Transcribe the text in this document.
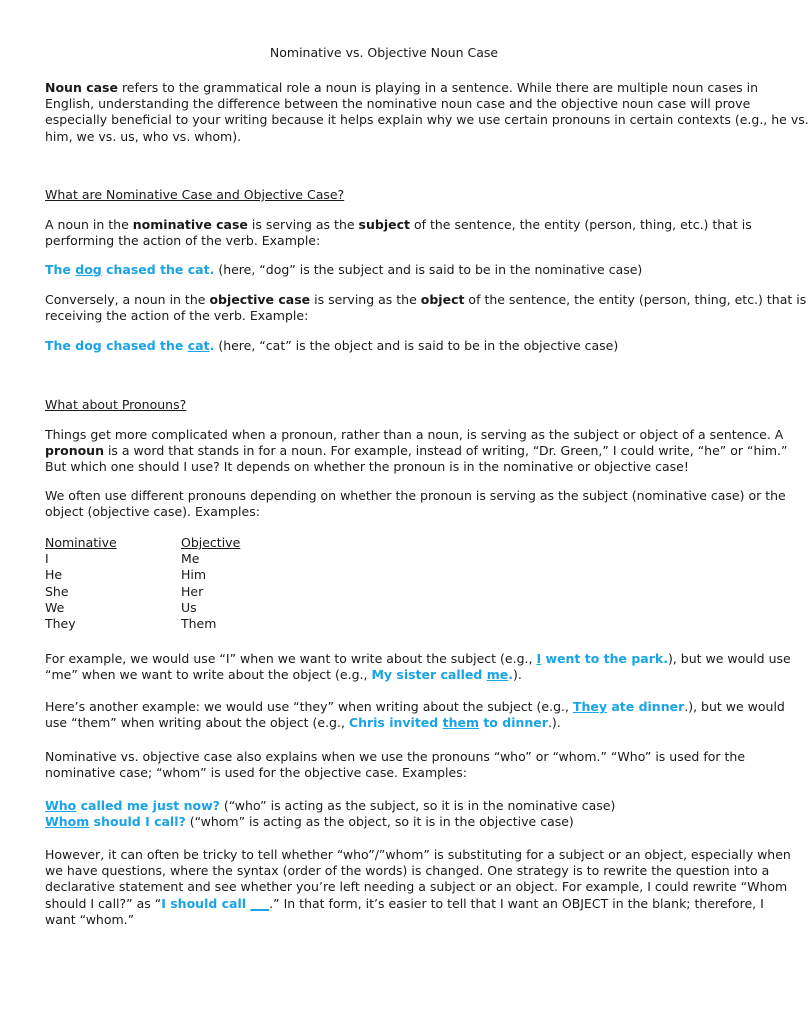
Nominative vs. Objective Noun Case
Noun case refers to the grammatical role a noun is playing in a sentence. While there are multiple noun cases in
English, understanding the difference between the nominative noun case and the objective noun case will prove
especially beneficial to your writing because it helps explain why we use certain pronouns in certain contexts (e.g., he vs.
him, we vs. us, who vs. whom).
What are Nominative Case and Objective Case?
A noun in the nominative case is serving as the subject of the sentence, the entity (person, thing, etc.) that is
performing the action of the verb. Example:
The dog chased the cat. (here, “dog” is the subject and is said to be in the nominative case)
Conversely, a noun in the objective case is serving as the object of the sentence, the entity (person, thing, etc.) that is
receiving the action of the verb. Example:
The dog chased the cat. (here, “cat” is the object and is said to be in the objective case)
What about Pronouns?
Things get more complicated when a pronoun, rather than a noun, is serving as the subject or object of a sentence. A
pronoun is a word that stands in for a noun. For example, instead of writing, “Dr. Green,” I could write, “he” or “him.”
But which one should I use? It depends on whether the pronoun is in the nominative or objective case!
We often use different pronouns depending on whether the pronoun is serving as the subject (nominative case) or the
object (objective case). Examples:
Nominative
I
He
She
We
They
Objective
Me
Him
Her
Us
Them
For example, we would use “I” when we want to write about the subject (e.g., I went to the park.), but we would use
“me” when we want to write about the object (e.g., My sister called me.).
Here’s another example: we would use “they” when writing about the subject (e.g., They ate dinner.), but we would
use “them” when writing about the object (e.g., Chris invited them to dinner.).
Nominative vs. objective case also explains when we use the pronouns “who” or “whom.” “Who” is used for the
nominative case; “whom” is used for the objective case. Examples:
Who called me just now? (“who” is acting as the subject, so it is in the nominative case)
Whom should I call? (“whom” is acting as the object, so it is in the objective case)
However, it can often be tricky to tell whether “who”/”whom” is substituting for a subject or an object, especially when
we have questions, where the syntax (order of the words) is changed. One strategy is to rewrite the question into a
declarative statement and see whether you’re left needing a subject or an object. For example, I could rewrite “Whom
should I call?” as “I should call ___.” In that form, it’s easier to tell that I want an OBJECT in the blank; therefore, I
want “whom.”
